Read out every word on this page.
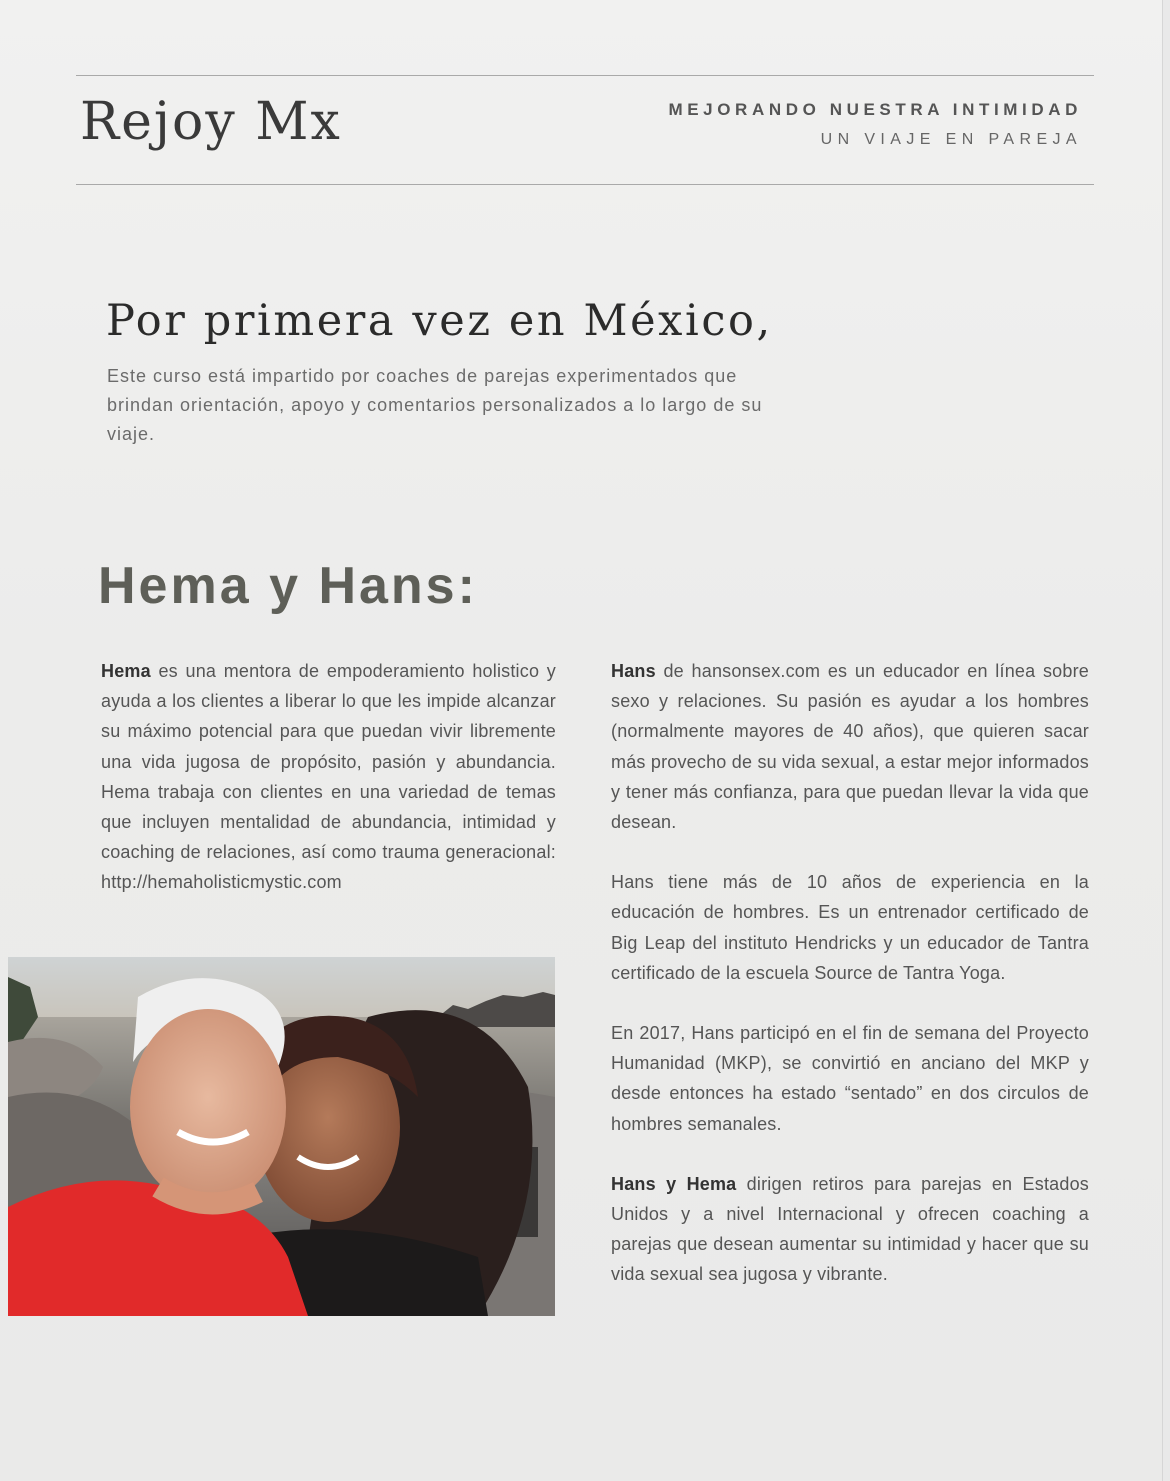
Rejoy Mx	MEJORANDO NUESTRA INTIMIDAD
UN VIAJE EN PAREJA
Por primera vez en México,
Este curso está impartido por coaches de parejas experimentados que brindan orientación, apoyo y comentarios personalizados a lo largo de su viaje.
Hema y Hans:

Hema es una mentora de empoderamiento holistico y ayuda a los clientes a liberar lo que les impide alcanzar su máximo potencial para que puedan vivir libremente una vida jugosa de propósito, pasión y abundancia. Hema trabaja con clientes en una variedad de temas que incluyen mentalidad de abundancia, intimidad y coaching de relaciones, así como trauma generacional: http://hemaholisticmystic.com

Hans de hansonsex.com es un educador en línea sobre sexo y relaciones. Su pasión es ayudar a los hombres (normalmente mayores de 40 años), que quieren sacar más provecho de su vida sexual, a estar mejor informados y tener más confianza, para que puedan llevar la vida que desean.

Hans tiene más de 10 años de experiencia en la educación de hombres. Es un entrenador certificado de Big Leap del instituto Hendricks y un educador de Tantra certificado de la escuela Source de Tantra Yoga.

En 2017, Hans participó en el fin de semana del Proyecto Humanidad (MKP), se convirtió en anciano del MKP y desde entonces ha estado “sentado” en dos circulos de hombres semanales.

Hans y Hema dirigen retiros para parejas en Estados Unidos y a nivel Internacional y ofrecen coaching a parejas que desean aumentar su intimidad y hacer que su vida sexual sea jugosa y vibrante.
